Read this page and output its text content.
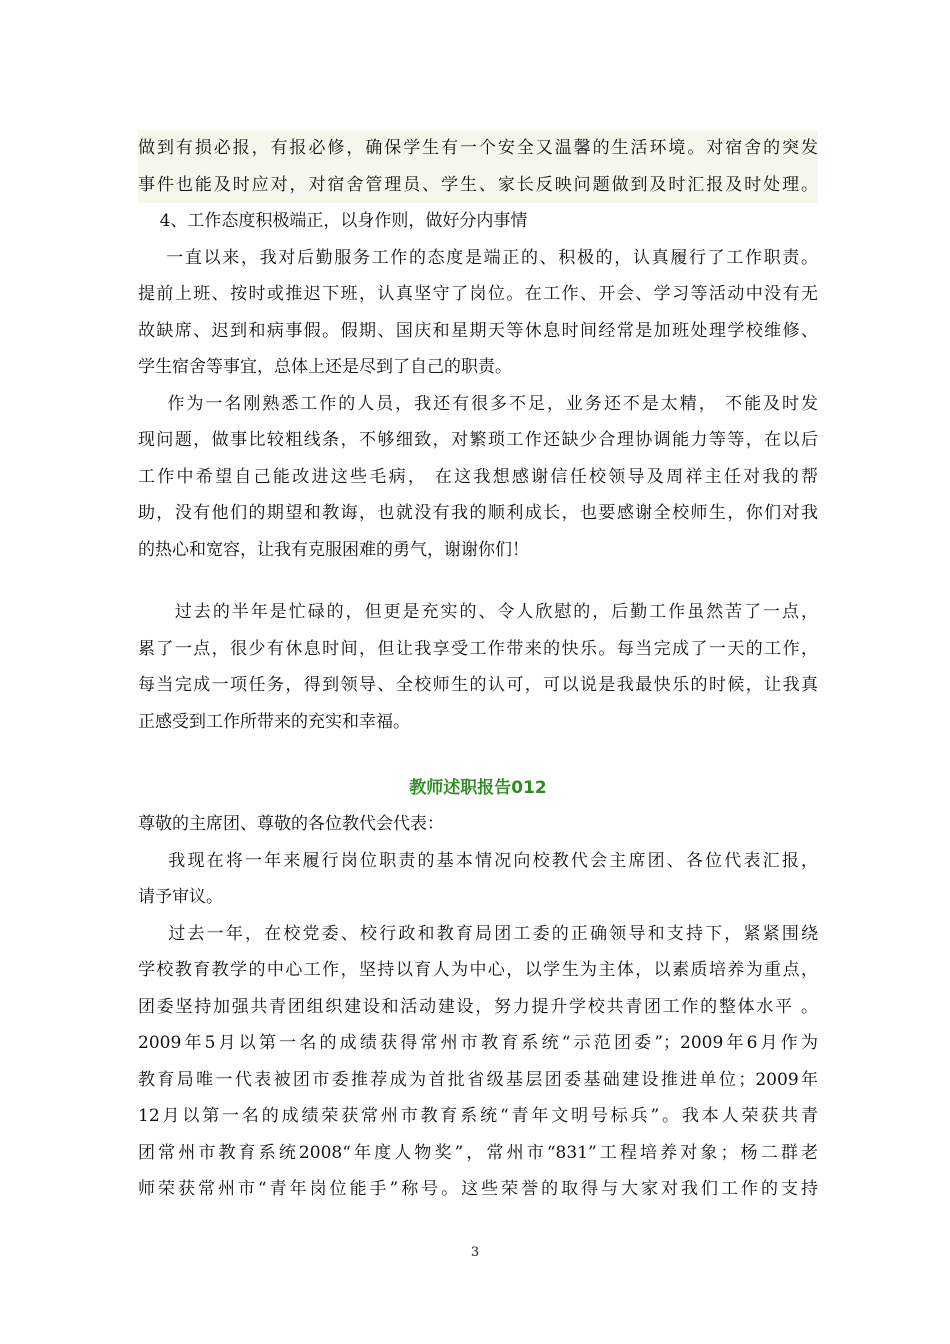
做到有损必报，有报必修，确保学生有一个安全又温馨的生活环境。对宿舍的突发
事件也能及时应对，对宿舍管理员、学生、家长反映问题做到及时汇报及时处理。
4、工作态度积极端正，以身作则，做好分内事情
一直以来，我对后勤服务工作的态度是端正的、积极的，认真履行了工作职责。
提前上班、按时或推迟下班，认真坚守了岗位。在工作、开会、学习等活动中没有无
故缺席、迟到和病事假。假期、国庆和星期天等休息时间经常是加班处理学校维修、
学生宿舍等事宜，总体上还是尽到了自己的职责。
作为一名刚熟悉工作的人员，我还有很多不足，业务还不是太精， 不能及时发
现问题，做事比较粗线条，不够细致，对繁琐工作还缺少合理协调能力等等，在以后
工作中希望自己能改进这些毛病， 在这我想感谢信任校领导及周祥主任对我的帮
助，没有他们的期望和教诲，也就没有我的顺利成长，也要感谢全校师生，你们对我
的热心和宽容，让我有克服困难的勇气，谢谢你们！
过去的半年是忙碌的，但更是充实的、令人欣慰的，后勤工作虽然苦了一点，
累了一点，很少有休息时间，但让我享受工作带来的快乐。每当完成了一天的工作，
每当完成一项任务，得到领导、全校师生的认可，可以说是我最快乐的时候，让我真
正感受到工作所带来的充实和幸福。
教师述职报告012
尊敬的主席团、尊敬的各位教代会代表：
我现在将一年来履行岗位职责的基本情况向校教代会主席团、各位代表汇报，
请予审议。
过去一年，在校党委、校行政和教育局团工委的正确领导和支持下，紧紧围绕
学校教育教学的中心工作，坚持以育人为中心，以学生为主体，以素质培养为重点，
团委坚持加强共青团组织建设和活动建设，努力提升学校共青团工作的整体水平 。
2009年5月以第一名的成绩获得常州市教育系统“示范团委”；2009年6月作为
教育局唯一代表被团市委推荐成为首批省级基层团委基础建设推进单位；2009年
12月以第一名的成绩荣获常州市教育系统“青年文明号标兵”。我本人荣获共青
团常州市教育系统2008“年度人物奖”，常州市“831”工程培养对象；杨二群老
师荣获常州市“青年岗位能手”称号。这些荣誉的取得与大家对我们工作的支持
3
